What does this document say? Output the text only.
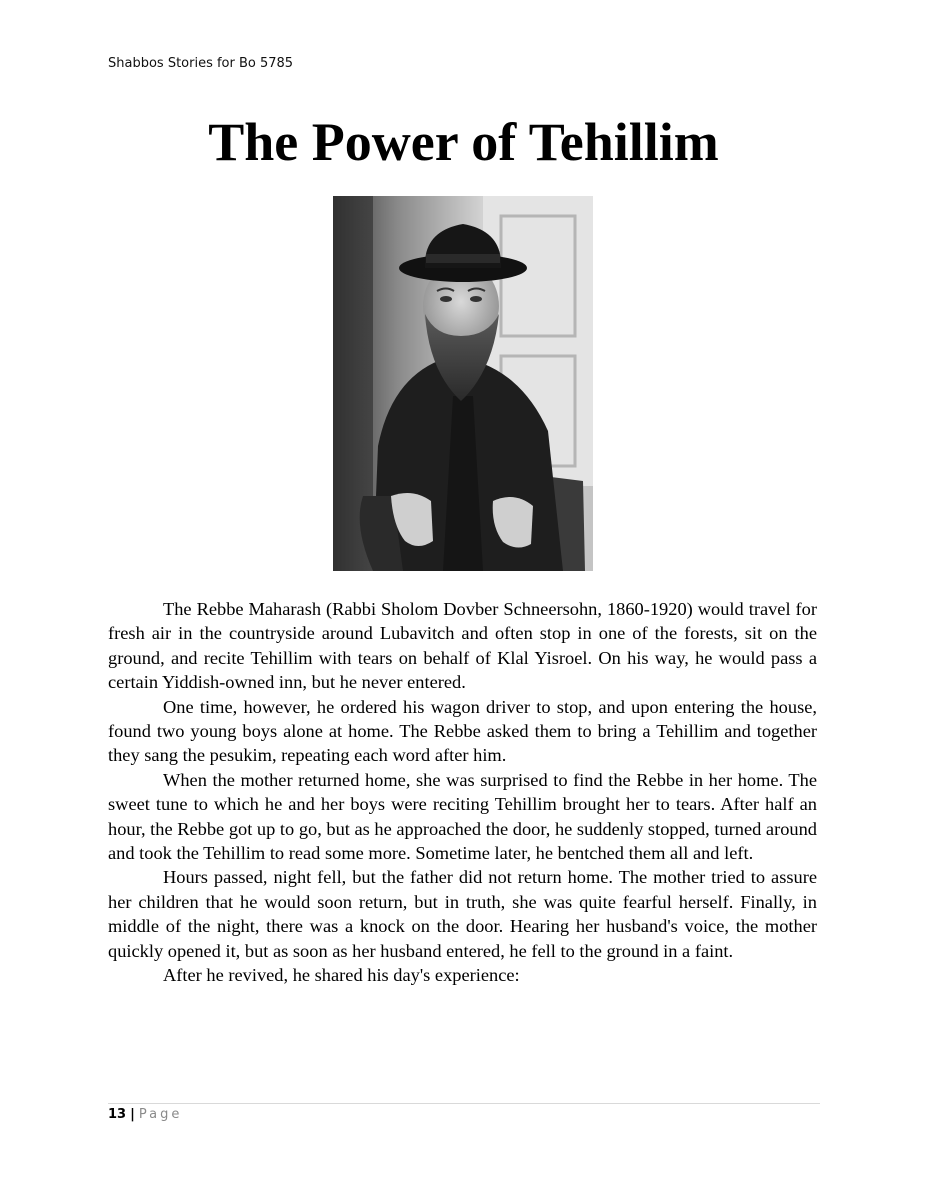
Shabbos Stories for Bo 5785
The Power of Tehillim

The Rebbe Maharash (Rabbi Sholom Dovber Schneersohn, 1860-1920) would travel for fresh air in the countryside around Lubavitch and often stop in one of the forests, sit on the ground, and recite Tehillim with tears on behalf of Klal Yisroel. On his way, he would pass a certain Yiddish-owned inn, but he never entered.

One time, however, he ordered his wagon driver to stop, and upon entering the house, found two young boys alone at home. The Rebbe asked them to bring a Tehillim and together they sang the pesukim, repeating each word after him.

When the mother returned home, she was surprised to find the Rebbe in her home. The sweet tune to which he and her boys were reciting Tehillim brought her to tears. After half an hour, the Rebbe got up to go, but as he approached the door, he suddenly stopped, turned around and took the Tehillim to read some more. Sometime later, he bentched them all and left.

Hours passed, night fell, but the father did not return home. The mother tried to assure her children that he would soon return, but in truth, she was quite fearful herself. Finally, in middle of the night, there was a knock on the door. Hearing her husband's voice, the mother quickly opened it, but as soon as her husband entered, he fell to the ground in a faint.

After he revived, he shared his day's experience:

13 | Page
